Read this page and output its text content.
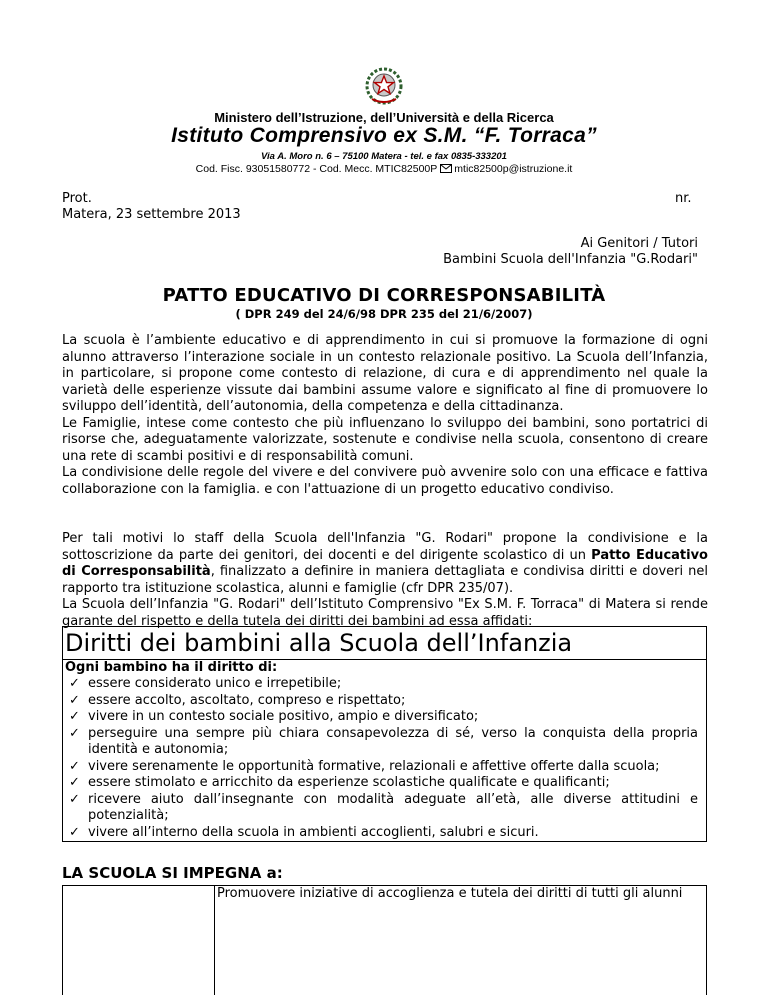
Ministero dell’Istruzione, dell’Università e della Ricerca
Istituto Comprensivo ex S.M. “F. Torraca”
Via A. Moro n. 6 – 75100 Matera - tel. e fax 0835-333201
Cod. Fisc. 93051580772 - Cod. Mecc. MTIC82500P mtic82500p@istruzione.it
Prot.
Matera, 23 settembre 2013
nr.
Ai Genitori / Tutori
Bambini Scuola dell'Infanzia "G.Rodari"
PATTO EDUCATIVO DI CORRESPONSABILITÀ
( DPR 249 del 24/6/98 DPR 235 del 21/6/2007)

La scuola è l’ambiente educativo e di apprendimento in cui si promuove la formazione di ogni alunno attraverso l’interazione sociale in un contesto relazionale positivo. La Scuola dell’Infanzia, in particolare, si propone come contesto di relazione, di cura e di apprendimento nel quale la varietà delle esperienze vissute dai bambini assume valore e significato al fine di promuovere lo sviluppo dell’identità, dell’autonomia, della competenza e della cittadinanza.

Le Famiglie, intese come contesto che più influenzano lo sviluppo dei bambini, sono portatrici di risorse che, adeguatamente valorizzate, sostenute e condivise nella scuola, consentono di creare una rete di scambi positivi e di responsabilità comuni.

La condivisione delle regole del vivere e del convivere può avvenire solo con una efficace e fattiva collaborazione con la famiglia. e con l'attuazione di un progetto educativo condiviso.

Per tali motivi lo staff della Scuola dell'Infanzia "G. Rodari" propone la condivisione e la sottoscrizione da parte dei genitori, dei docenti e del dirigente scolastico di un Patto Educativo di Corresponsabilità, finalizzato a definire in maniera dettagliata e condivisa diritti e doveri nel rapporto tra istituzione scolastica, alunni e famiglie (cfr DPR 235/07).

La Scuola dell’Infanzia "G. Rodari" dell’Istituto Comprensivo "Ex S.M. F. Torraca" di Matera si rende garante del rispetto e della tutela dei diritti dei bambini ad essa affidati:

Diritti dei bambini alla Scuola dell’Infanzia
Ogni bambino ha il diritto di:
✓ essere considerato unico e irrepetibile;
✓ essere accolto, ascoltato, compreso e rispettato;
✓ vivere in un contesto sociale positivo, ampio e diversificato;
✓ perseguire una sempre più chiara consapevolezza di sé, verso la conquista della propria identità e autonomia;
✓ vivere serenamente le opportunità formative, relazionali e affettive offerte dalla scuola;
✓ essere stimolato e arricchito da esperienze scolastiche qualificate e qualificanti;
✓ ricevere aiuto dall’insegnante con modalità adeguate all’età, alle diverse attitudini e potenzialità;
✓ vivere all’interno della scuola in ambienti accoglienti, salubri e sicuri.
LA SCUOLA SI IMPEGNA a:
Promuovere iniziative di accoglienza e tutela dei diritti di tutti gli alunni
